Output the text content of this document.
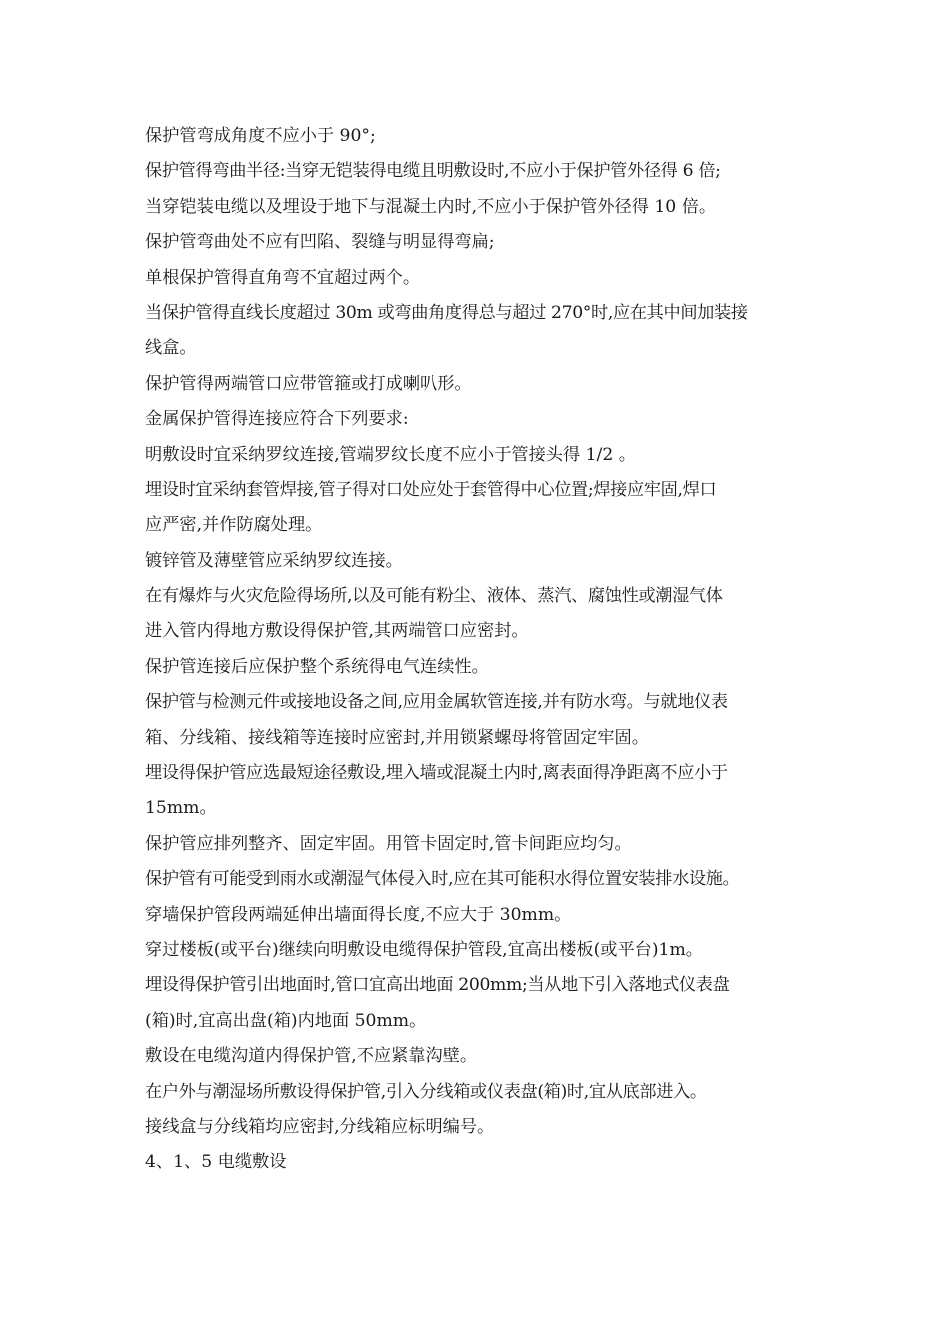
保护管弯成角度不应小于 90°;
保护管得弯曲半径:当穿无铠装得电缆且明敷设时,不应小于保护管外径得 6 倍;
当穿铠装电缆以及埋设于地下与混凝土内时,不应小于保护管外径得 10 倍。
保护管弯曲处不应有凹陷、裂缝与明显得弯扁;
单根保护管得直角弯不宜超过两个。
当保护管得直线长度超过 30m 或弯曲角度得总与超过 270°时,应在其中间加装接
线盒。
保护管得两端管口应带管箍或打成喇叭形。
金属保护管得连接应符合下列要求:
明敷设时宜采纳罗纹连接,管端罗纹长度不应小于管接头得 1/2 。
埋设时宜采纳套管焊接,管子得对口处应处于套管得中心位置;焊接应牢固,焊口
应严密,并作防腐处理。
镀锌管及薄壁管应采纳罗纹连接。
在有爆炸与火灾危险得场所,以及可能有粉尘、液体、蒸汽、腐蚀性或潮湿气体
进入管内得地方敷设得保护管,其两端管口应密封。
保护管连接后应保护整个系统得电气连续性。
保护管与检测元件或接地设备之间,应用金属软管连接,并有防水弯。与就地仪表
箱、分线箱、接线箱等连接时应密封,并用锁紧螺母将管固定牢固。
埋设得保护管应选最短途径敷设,埋入墙或混凝土内时,离表面得净距离不应小于
15mm。
保护管应排列整齐、固定牢固。用管卡固定时,管卡间距应均匀。
保护管有可能受到雨水或潮湿气体侵入时,应在其可能积水得位置安装排水设施。
穿墙保护管段两端延伸出墙面得长度,不应大于 30mm。
穿过楼板(或平台)继续向明敷设电缆得保护管段,宜高出楼板(或平台)1m。
埋设得保护管引出地面时,管口宜高出地面 200mm;当从地下引入落地式仪表盘
(箱)时,宜高出盘(箱)内地面 50mm。
敷设在电缆沟道内得保护管,不应紧靠沟壁。
在户外与潮湿场所敷设得保护管,引入分线箱或仪表盘(箱)时,宜从底部进入。
接线盒与分线箱均应密封,分线箱应标明编号。
4、1、5 电缆敷设
